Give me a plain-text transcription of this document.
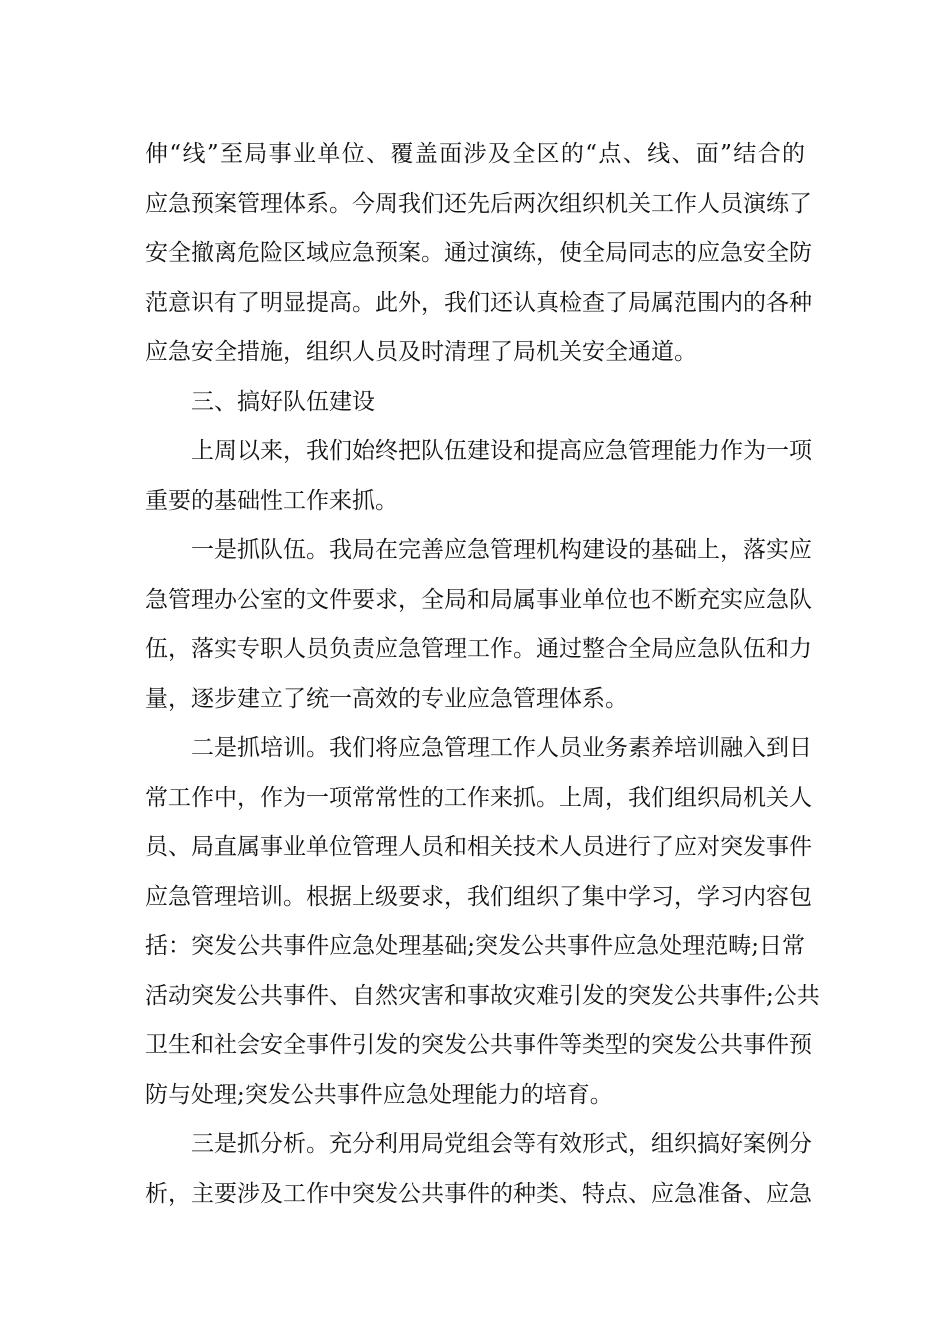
伸“线”至局事业单位、覆盖面涉及全区的“点、线、面”结合的
应急预案管理体系。今周我们还先后两次组织机关工作人员演练了
安全撤离危险区域应急预案。通过演练，使全局同志的应急安全防
范意识有了明显提高。此外，我们还认真检查了局属范围内的各种
应急安全措施，组织人员及时清理了局机关安全通道。
三、搞好队伍建设
上周以来，我们始终把队伍建设和提高应急管理能力作为一项
重要的基础性工作来抓。
一是抓队伍。我局在完善应急管理机构建设的基础上，落实应
急管理办公室的文件要求，全局和局属事业单位也不断充实应急队
伍，落实专职人员负责应急管理工作。通过整合全局应急队伍和力
量，逐步建立了统一高效的专业应急管理体系。
二是抓培训。我们将应急管理工作人员业务素养培训融入到日
常工作中，作为一项常常性的工作来抓。上周，我们组织局机关人
员、局直属事业单位管理人员和相关技术人员进行了应对突发事件
应急管理培训。根据上级要求，我们组织了集中学习，学习内容包
括：突发公共事件应急处理基础;突发公共事件应急处理范畴;日常
活动突发公共事件、自然灾害和事故灾难引发的突发公共事件;公共
卫生和社会安全事件引发的突发公共事件等类型的突发公共事件预
防与处理;突发公共事件应急处理能力的培育。
三是抓分析。充分利用局党组会等有效形式，组织搞好案例分
析，主要涉及工作中突发公共事件的种类、特点、应急准备、应急
